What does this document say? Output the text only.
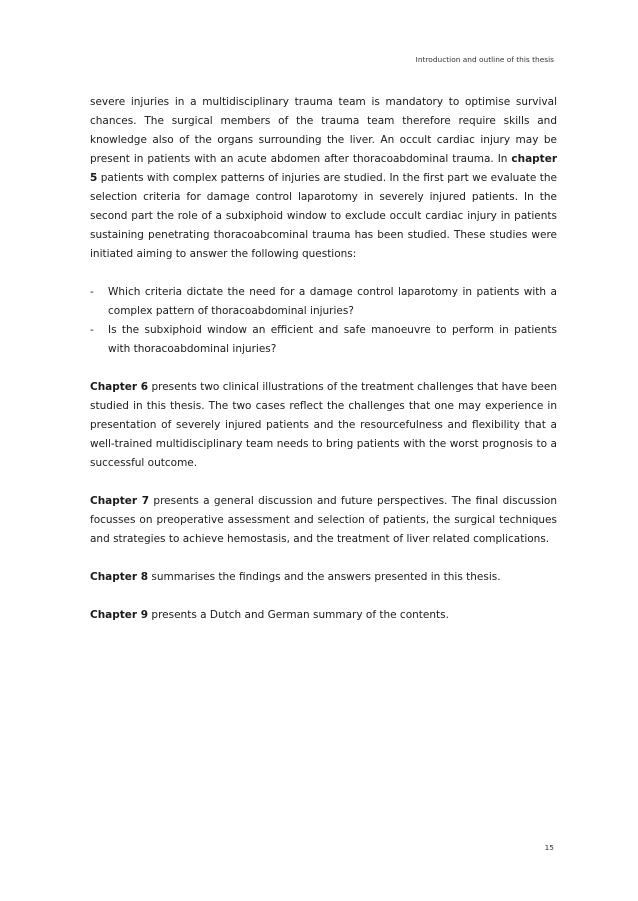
Introduction and outline of this thesis

severe injuries in a multidisciplinary trauma team is mandatory to optimise survival chances. The surgical members of the trauma team therefore require skills and knowledge also of the organs surrounding the liver. An occult cardiac injury may be present in patients with an acute abdomen after thoracoabdominal trauma. In chapter 5 patients with complex patterns of injuries are studied. In the first part we evaluate the selection criteria for damage control laparotomy in severely injured patients. In the second part the role of a subxiphoid window to exclude occult cardiac injury in patients sustaining penetrating thoracoabcominal trauma has been studied. These studies were initiated aiming to answer the following questions:

- Which criteria dictate the need for a damage control laparotomy in patients with a complex pattern of thoracoabdominal injuries?
- Is the subxiphoid window an efficient and safe manoeuvre to perform in patients with thoracoabdominal injuries?

Chapter 6 presents two clinical illustrations of the treatment challenges that have been studied in this thesis. The two cases reflect the challenges that one may experience in presentation of severely injured patients and the resourcefulness and flexibility that a well-trained multidisciplinary team needs to bring patients with the worst prognosis to a successful outcome.

Chapter 7 presents a general discussion and future perspectives. The final discussion focusses on preoperative assessment and selection of patients, the surgical techniques and strategies to achieve hemostasis, and the treatment of liver related complications.

Chapter 8 summarises the findings and the answers presented in this thesis.

Chapter 9 presents a Dutch and German summary of the contents.

15
